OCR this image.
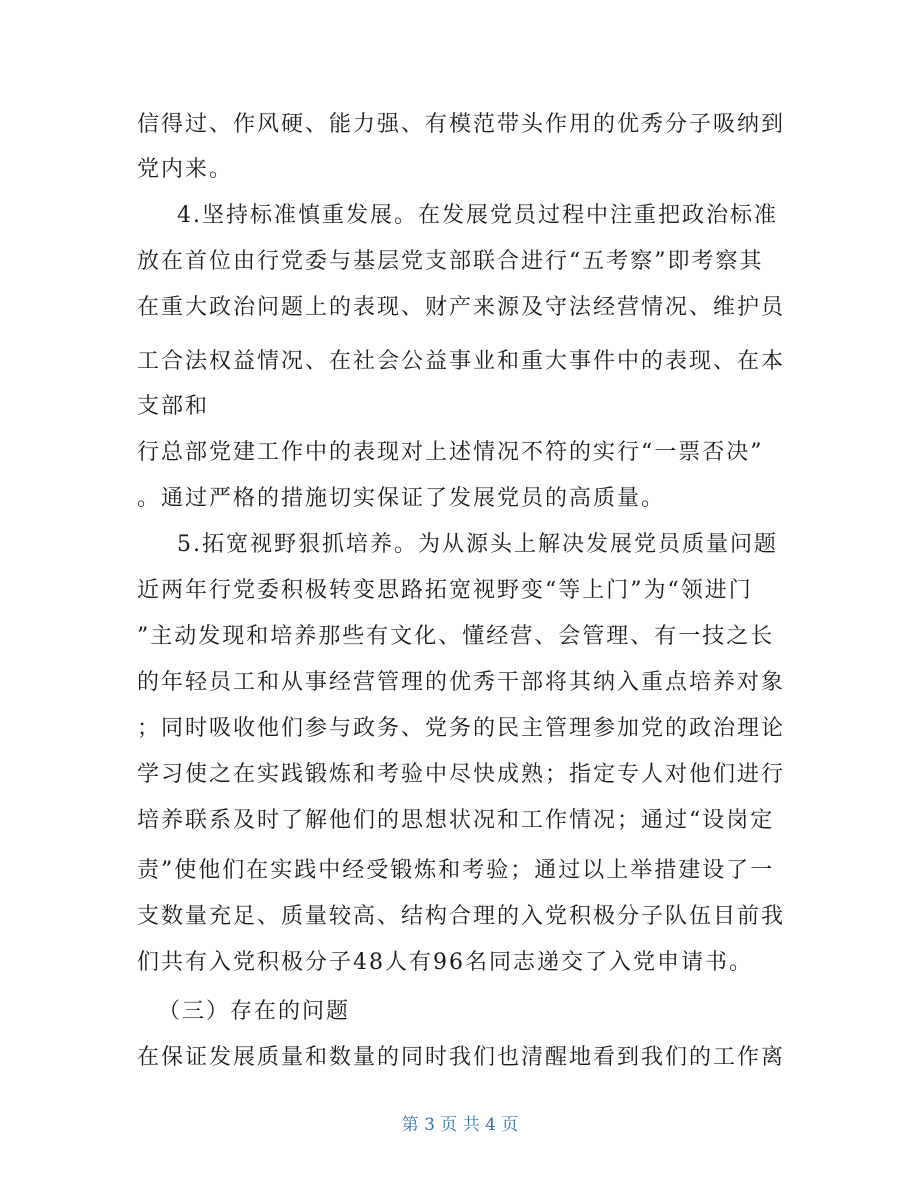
信得过、作风硬、能力强、有模范带头作用的优秀分子吸纳到

党内来。

4.坚持标准慎重发展。在发展党员过程中注重把政治标准

放在首位由行党委与基层党支部联合进行“五考察”即考察其

在重大政治问题上的表现、财产来源及守法经营情况、维护员

工合法权益情况、在社会公益事业和重大事件中的表现、在本

支部和

行总部党建工作中的表现对上述情况不符的实行“一票否决”

。通过严格的措施切实保证了发展党员的高质量。

5.拓宽视野狠抓培养。为从源头上解决发展党员质量问题

近两年行党委积极转变思路拓宽视野变“等上门”为“领进门

”主动发现和培养那些有文化、懂经营、会管理、有一技之长

的年轻员工和从事经营管理的优秀干部将其纳入重点培养对象

；同时吸收他们参与政务、党务的民主管理参加党的政治理论

学习使之在实践锻炼和考验中尽快成熟；指定专人对他们进行

培养联系及时了解他们的思想状况和工作情况；通过“设岗定

责”使他们在实践中经受锻炼和考验；通过以上举措建设了一

支数量充足、质量较高、结构合理的入党积极分子队伍目前我

们共有入党积极分子48人有96名同志递交了入党申请书。

（三）存在的问题

在保证发展质量和数量的同时我们也清醒地看到我们的工作离

第 3 页 共 4 页
